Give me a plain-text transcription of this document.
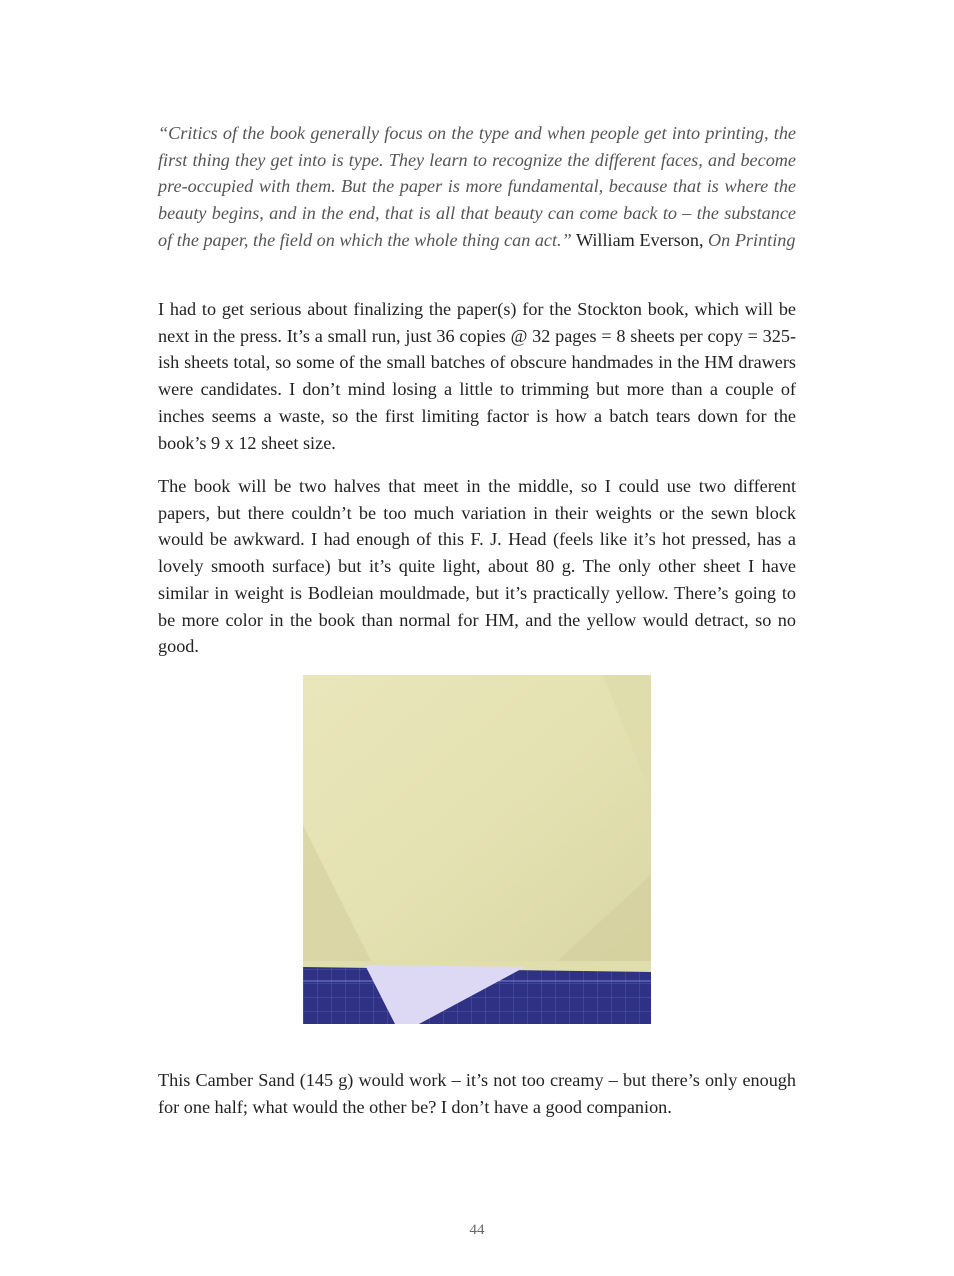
“Critics of the book generally focus on the type and when people get into printing, the first thing they get into is type. They learn to recognize the different faces, and become pre-occupied with them. But the paper is more fundamental, because that is where the beauty begins, and in the end, that is all that beauty can come back to – the substance of the paper, the field on which the whole thing can act.” William Everson, On Printing

I had to get serious about finalizing the paper(s) for the Stockton book, which will be next in the press. It’s a small run, just 36 copies @ 32 pages = 8 sheets per copy = 325-ish sheets total, so some of the small batches of obscure handmades in the HM drawers were candidates. I don’t mind losing a little to trimming but more than a couple of inches seems a waste, so the first limiting factor is how a batch tears down for the book’s 9 x 12 sheet size.

The book will be two halves that meet in the middle, so I could use two different papers, but there couldn’t be too much variation in their weights or the sewn block would be awkward. I had enough of this F. J. Head (feels like it’s hot pressed, has a lovely smooth surface) but it’s quite light, about 80 g. The only other sheet I have similar in weight is Bodleian mouldmade, but it’s practically yellow. There’s going to be more color in the book than normal for HM, and the yellow would detract, so no good.

This Camber Sand (145 g) would work – it’s not too creamy – but there’s only enough for one half; what would the other be? I don’t have a good companion.

44
